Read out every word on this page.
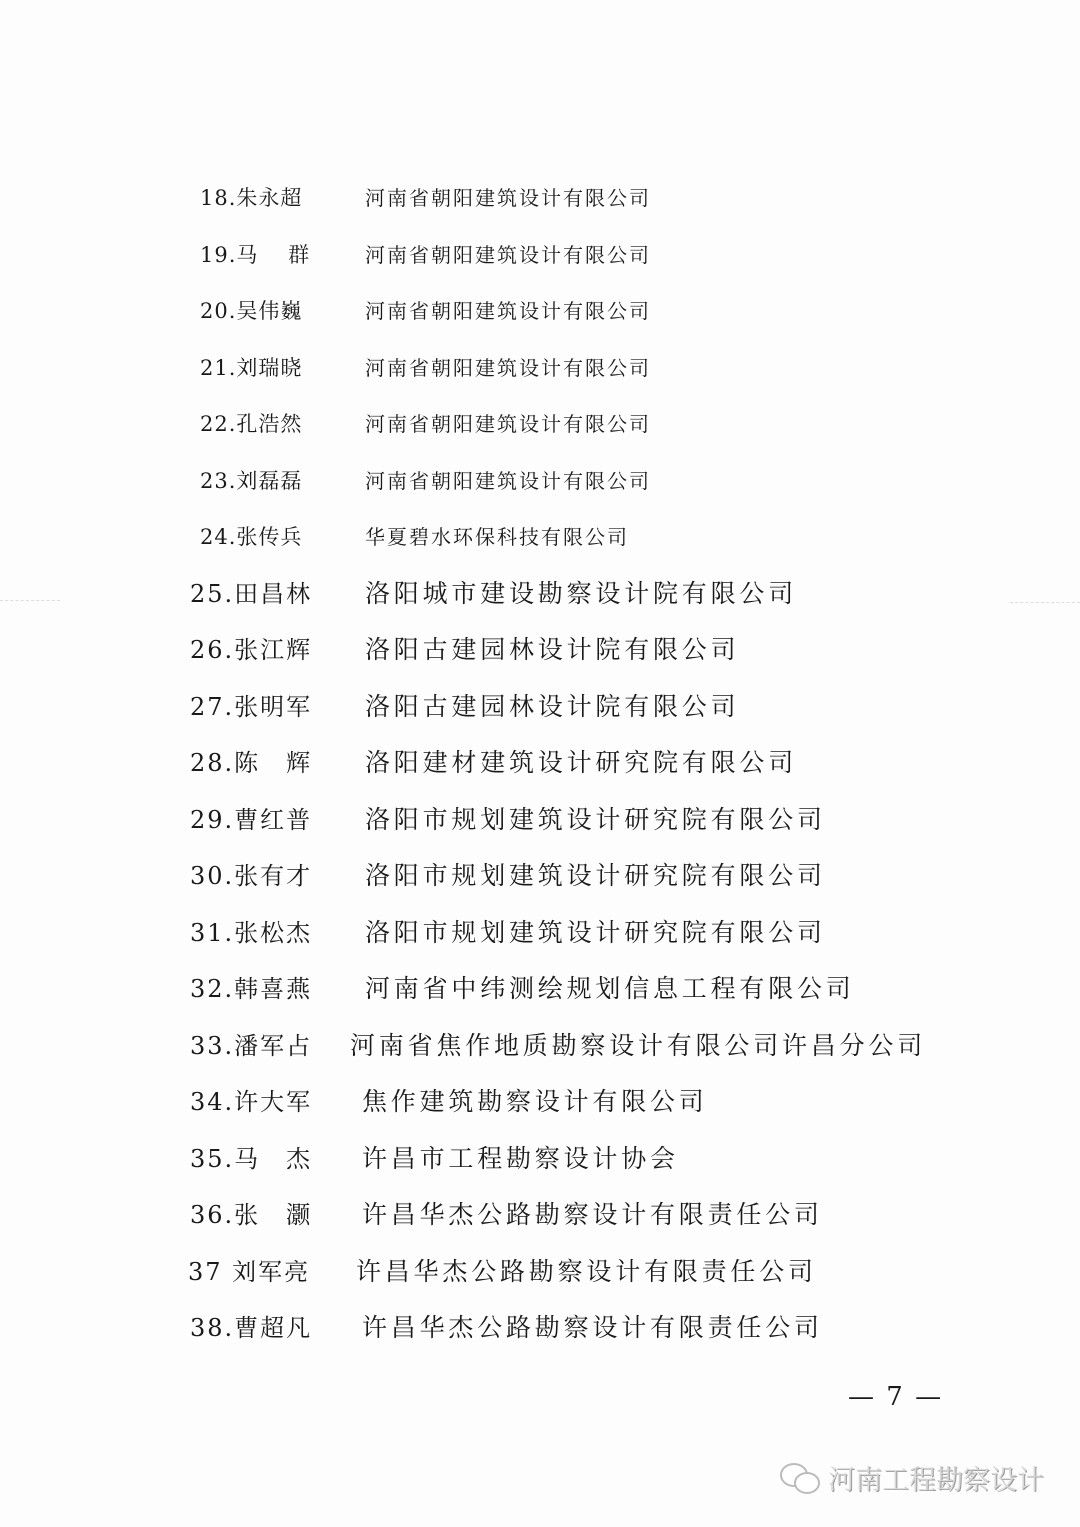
18.朱永超	河南省朝阳建筑设计有限公司
19.马　 群	河南省朝阳建筑设计有限公司
20.吴伟巍	河南省朝阳建筑设计有限公司
21.刘瑞晓	河南省朝阳建筑设计有限公司
22.孔浩然	河南省朝阳建筑设计有限公司
23.刘磊磊	河南省朝阳建筑设计有限公司
24.张传兵	华夏碧水环保科技有限公司
25.田昌林 洛阳城市建设勘察设计院有限公司
26.张江辉 洛阳古建园林设计院有限公司
27.张明军 洛阳古建园林设计院有限公司
28.陈　辉 洛阳建材建筑设计研究院有限公司
29.曹红普 洛阳市规划建筑设计研究院有限公司
30.张有才 洛阳市规划建筑设计研究院有限公司
31.张松杰 洛阳市规划建筑设计研究院有限公司
32.韩喜燕 河南省中纬测绘规划信息工程有限公司
33.潘军占 河南省焦作地质勘察设计有限公司许昌分公司
34.许大军 焦作建筑勘察设计有限公司
35.马　杰 许昌市工程勘察设计协会
36.张　灏 许昌华杰公路勘察设计有限责任公司
37 刘军亮 许昌华杰公路勘察设计有限责任公司
38.曹超凡 许昌华杰公路勘察设计有限责任公司
— 7 —
河南工程勘察设计
